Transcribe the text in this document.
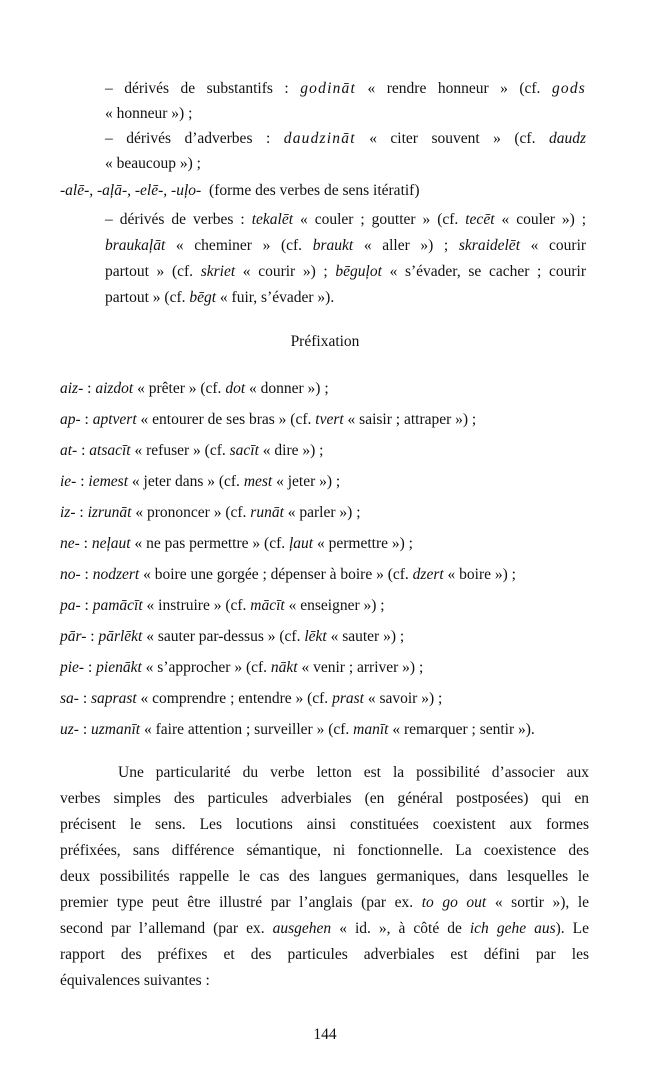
– dérivés de substantifs : godināt « rendre honneur » (cf. gods
« honneur ») ;
– dérivés d’adverbes : daudzināt « citer souvent » (cf. daudz
« beaucoup ») ;
-alē-, -aļā-, -elē-, -uļo- (forme des verbes de sens itératif)
– dérivés de verbes : tekalēt « couler ; goutter » (cf. tecēt « couler ») ;
braukaļāt « cheminer » (cf. braukt « aller ») ; skraidelēt « courir
partout » (cf. skriet « courir ») ; bēguļot « s’évader, se cacher ; courir
partout » (cf. bēgt « fuir, s’évader »).
Préfixation
aiz- : aizdot « prêter » (cf. dot « donner ») ;
ap- : aptvert « entourer de ses bras » (cf. tvert « saisir ; attraper ») ;
at- : atsacīt « refuser » (cf. sacīt « dire ») ;
ie- : iemest « jeter dans » (cf. mest « jeter ») ;
iz- : izrunāt « prononcer » (cf. runāt « parler ») ;
ne- : neļaut « ne pas permettre » (cf. ļaut « permettre ») ;
no- : nodzert « boire une gorgée ; dépenser à boire » (cf. dzert « boire ») ;
pa- : pamācīt « instruire » (cf. mācīt « enseigner ») ;
pār- : pārlēkt « sauter par-dessus » (cf. lēkt « sauter ») ;
pie- : pienākt « s’approcher » (cf. nākt « venir ; arriver ») ;
sa- : saprast « comprendre ; entendre » (cf. prast « savoir ») ;
uz- : uzmanīt « faire attention ; surveiller » (cf. manīt « remarquer ; sentir »).
Une particularité du verbe letton est la possibilité d’associer aux
verbes simples des particules adverbiales (en général postposées) qui en
précisent le sens. Les locutions ainsi constituées coexistent aux formes
préfixées, sans différence sémantique, ni fonctionnelle. La coexistence des
deux possibilités rappelle le cas des langues germaniques, dans lesquelles le
premier type peut être illustré par l’anglais (par ex. to go out « sortir »), le
second par l’allemand (par ex. ausgehen « id. », à côté de ich gehe aus). Le
rapport des préfixes et des particules adverbiales est défini par les
équivalences suivantes :
144
